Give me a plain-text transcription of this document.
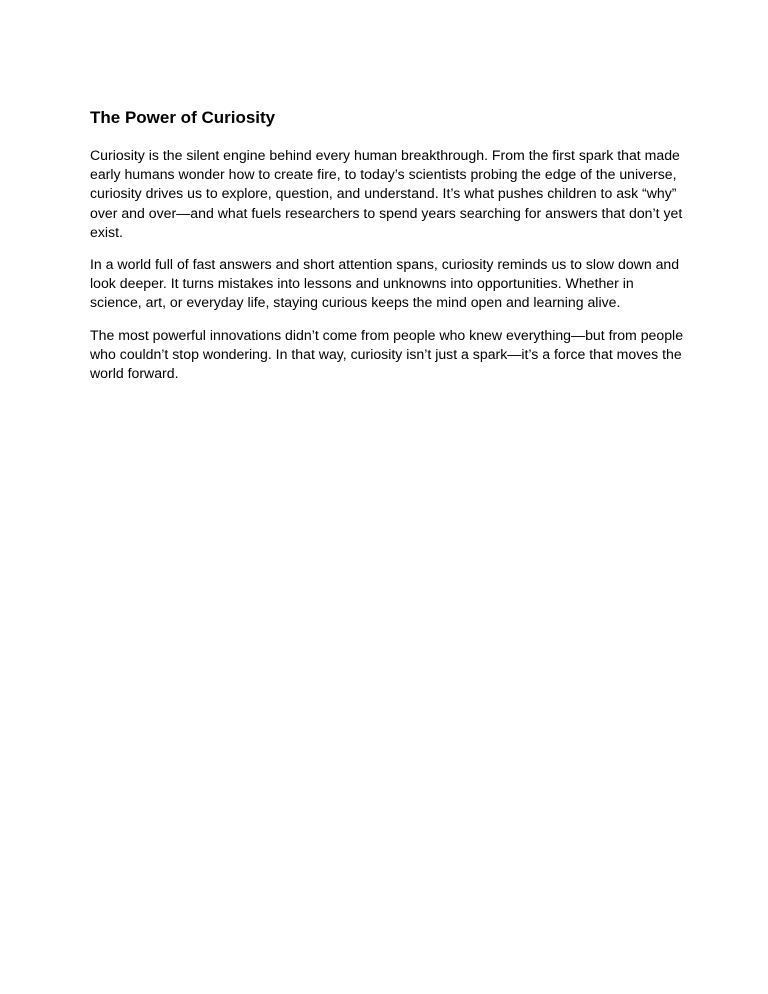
The Power of Curiosity

Curiosity is the silent engine behind every human breakthrough. From the first spark that made early humans wonder how to create fire, to today’s scientists probing the edge of the universe, curiosity drives us to explore, question, and understand. It’s what pushes children to ask “why” over and over—and what fuels researchers to spend years searching for answers that don’t yet exist.

In a world full of fast answers and short attention spans, curiosity reminds us to slow down and look deeper. It turns mistakes into lessons and unknowns into opportunities. Whether in science, art, or everyday life, staying curious keeps the mind open and learning alive.

The most powerful innovations didn’t come from people who knew everything—but from people who couldn’t stop wondering. In that way, curiosity isn’t just a spark—it’s a force that moves the world forward.
